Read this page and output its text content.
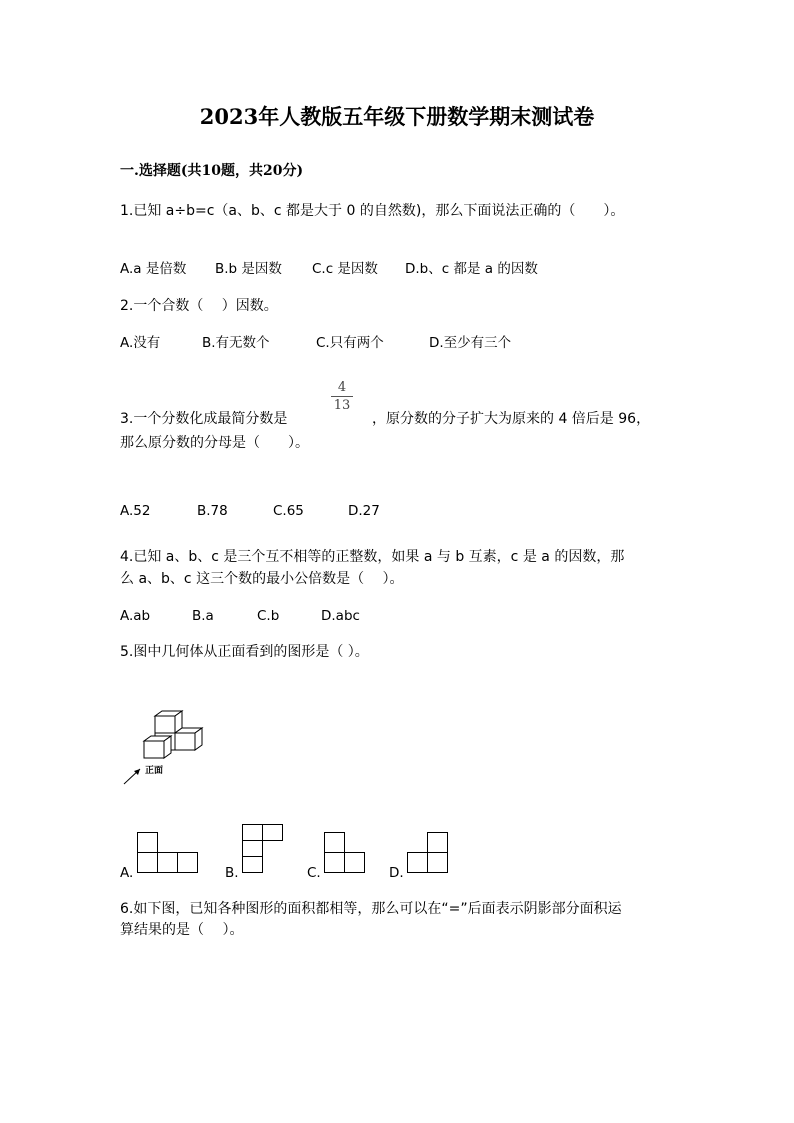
2023年人教版五年级下册数学期末测试卷
一.选择题(共10题，共20分)
1.已知 a÷b=c（a、b、c 都是大于 0 的自然数)，那么下面说法正确的（　　）。
A.a 是倍数 B.b 是因数 C.c 是因数 D.b、c 都是 a 的因数
2.一个合数（　 ）因数。
A.没有	B.有无数个	C.只有两个	D.至少有三个
3.一个分数化成最简分数是
4
13
，原分数的分子扩大为原来的 4 倍后是 96，
那么原分数的分母是（　　）。
A.52	B.78	C.65	D.27
4.已知 a、b、c 是三个互不相等的正整数，如果 a 与 b 互素，c 是 a 的因数，那
么 a、b、c 这三个数的最小公倍数是（　 ）。
A.ab	B.a	C.b	D.abc
5.图中几何体从正面看到的图形是（ ）。
正面
A.	B.	C.	D.
6.如下图，已知各种图形的面积都相等，那么可以在“=”后面表示阴影部分面积运
算结果的是（　 ）。
